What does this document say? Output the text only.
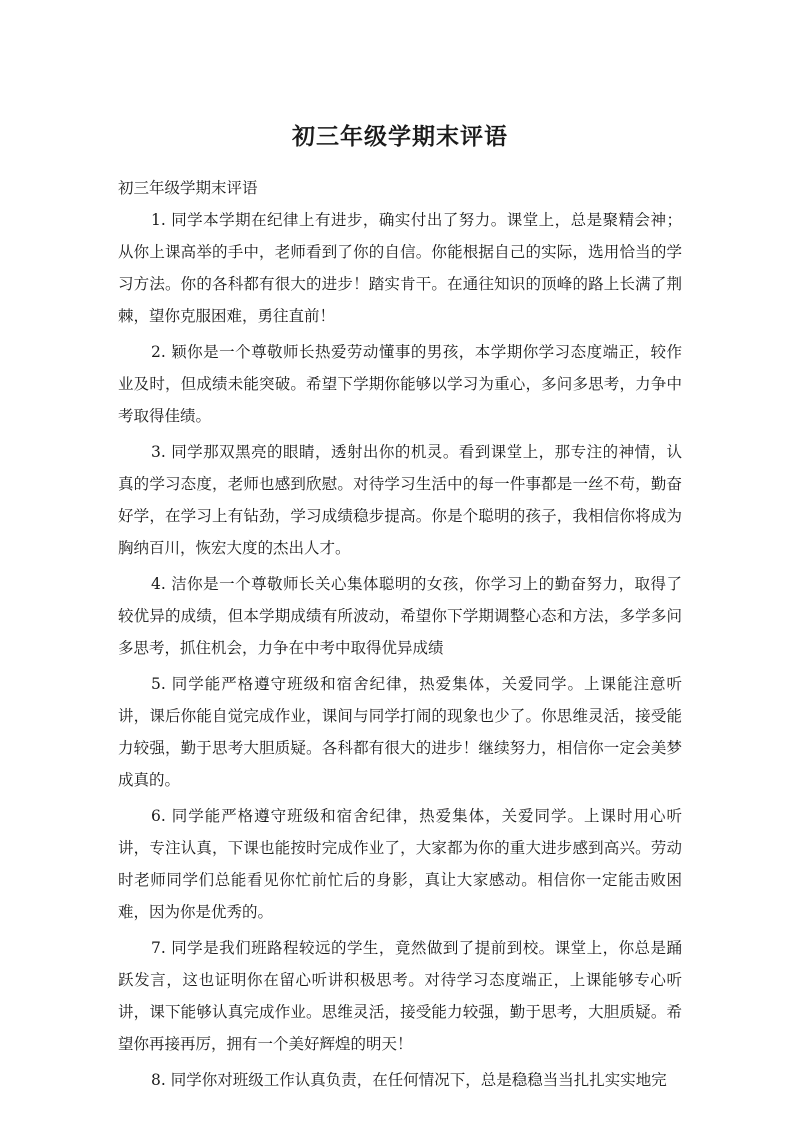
初三年级学期末评语

初三年级学期末评语

1. 同学本学期在纪律上有进步，确实付出了努力。课堂上，总是聚精会神；从你上课高举的手中，老师看到了你的自信。你能根据自己的实际，选用恰当的学习方法。你的各科都有很大的进步！踏实肯干。在通往知识的顶峰的路上长满了荆棘，望你克服困难，勇往直前！

2. 颖你是一个尊敬师长热爱劳动懂事的男孩，本学期你学习态度端正，较作业及时，但成绩未能突破。希望下学期你能够以学习为重心，多问多思考，力争中考取得佳绩。

3. 同学那双黑亮的眼睛，透射出你的机灵。看到课堂上，那专注的神情，认真的学习态度，老师也感到欣慰。对待学习生活中的每一件事都是一丝不苟，勤奋好学，在学习上有钻劲，学习成绩稳步提高。你是个聪明的孩子，我相信你将成为胸纳百川，恢宏大度的杰出人才。

4. 洁你是一个尊敬师长关心集体聪明的女孩，你学习上的勤奋努力，取得了较优异的成绩，但本学期成绩有所波动，希望你下学期调整心态和方法，多学多问多思考，抓住机会，力争在中考中取得优异成绩

5. 同学能严格遵守班级和宿舍纪律，热爱集体，关爱同学。上课能注意听讲，课后你能自觉完成作业，课间与同学打闹的现象也少了。你思维灵活，接受能力较强，勤于思考大胆质疑。各科都有很大的进步！继续努力，相信你一定会美梦成真的。

6. 同学能严格遵守班级和宿舍纪律，热爱集体，关爱同学。上课时用心听讲，专注认真，下课也能按时完成作业了，大家都为你的重大进步感到高兴。劳动时老师同学们总能看见你忙前忙后的身影，真让大家感动。相信你一定能击败困难，因为你是优秀的。

7. 同学是我们班路程较远的学生，竟然做到了提前到校。课堂上，你总是踊跃发言，这也证明你在留心听讲积极思考。对待学习态度端正，上课能够专心听讲，课下能够认真完成作业。思维灵活，接受能力较强，勤于思考，大胆质疑。希望你再接再厉，拥有一个美好辉煌的明天！

8. 同学你对班级工作认真负责，在任何情况下，总是稳稳当当扎扎实实地完
